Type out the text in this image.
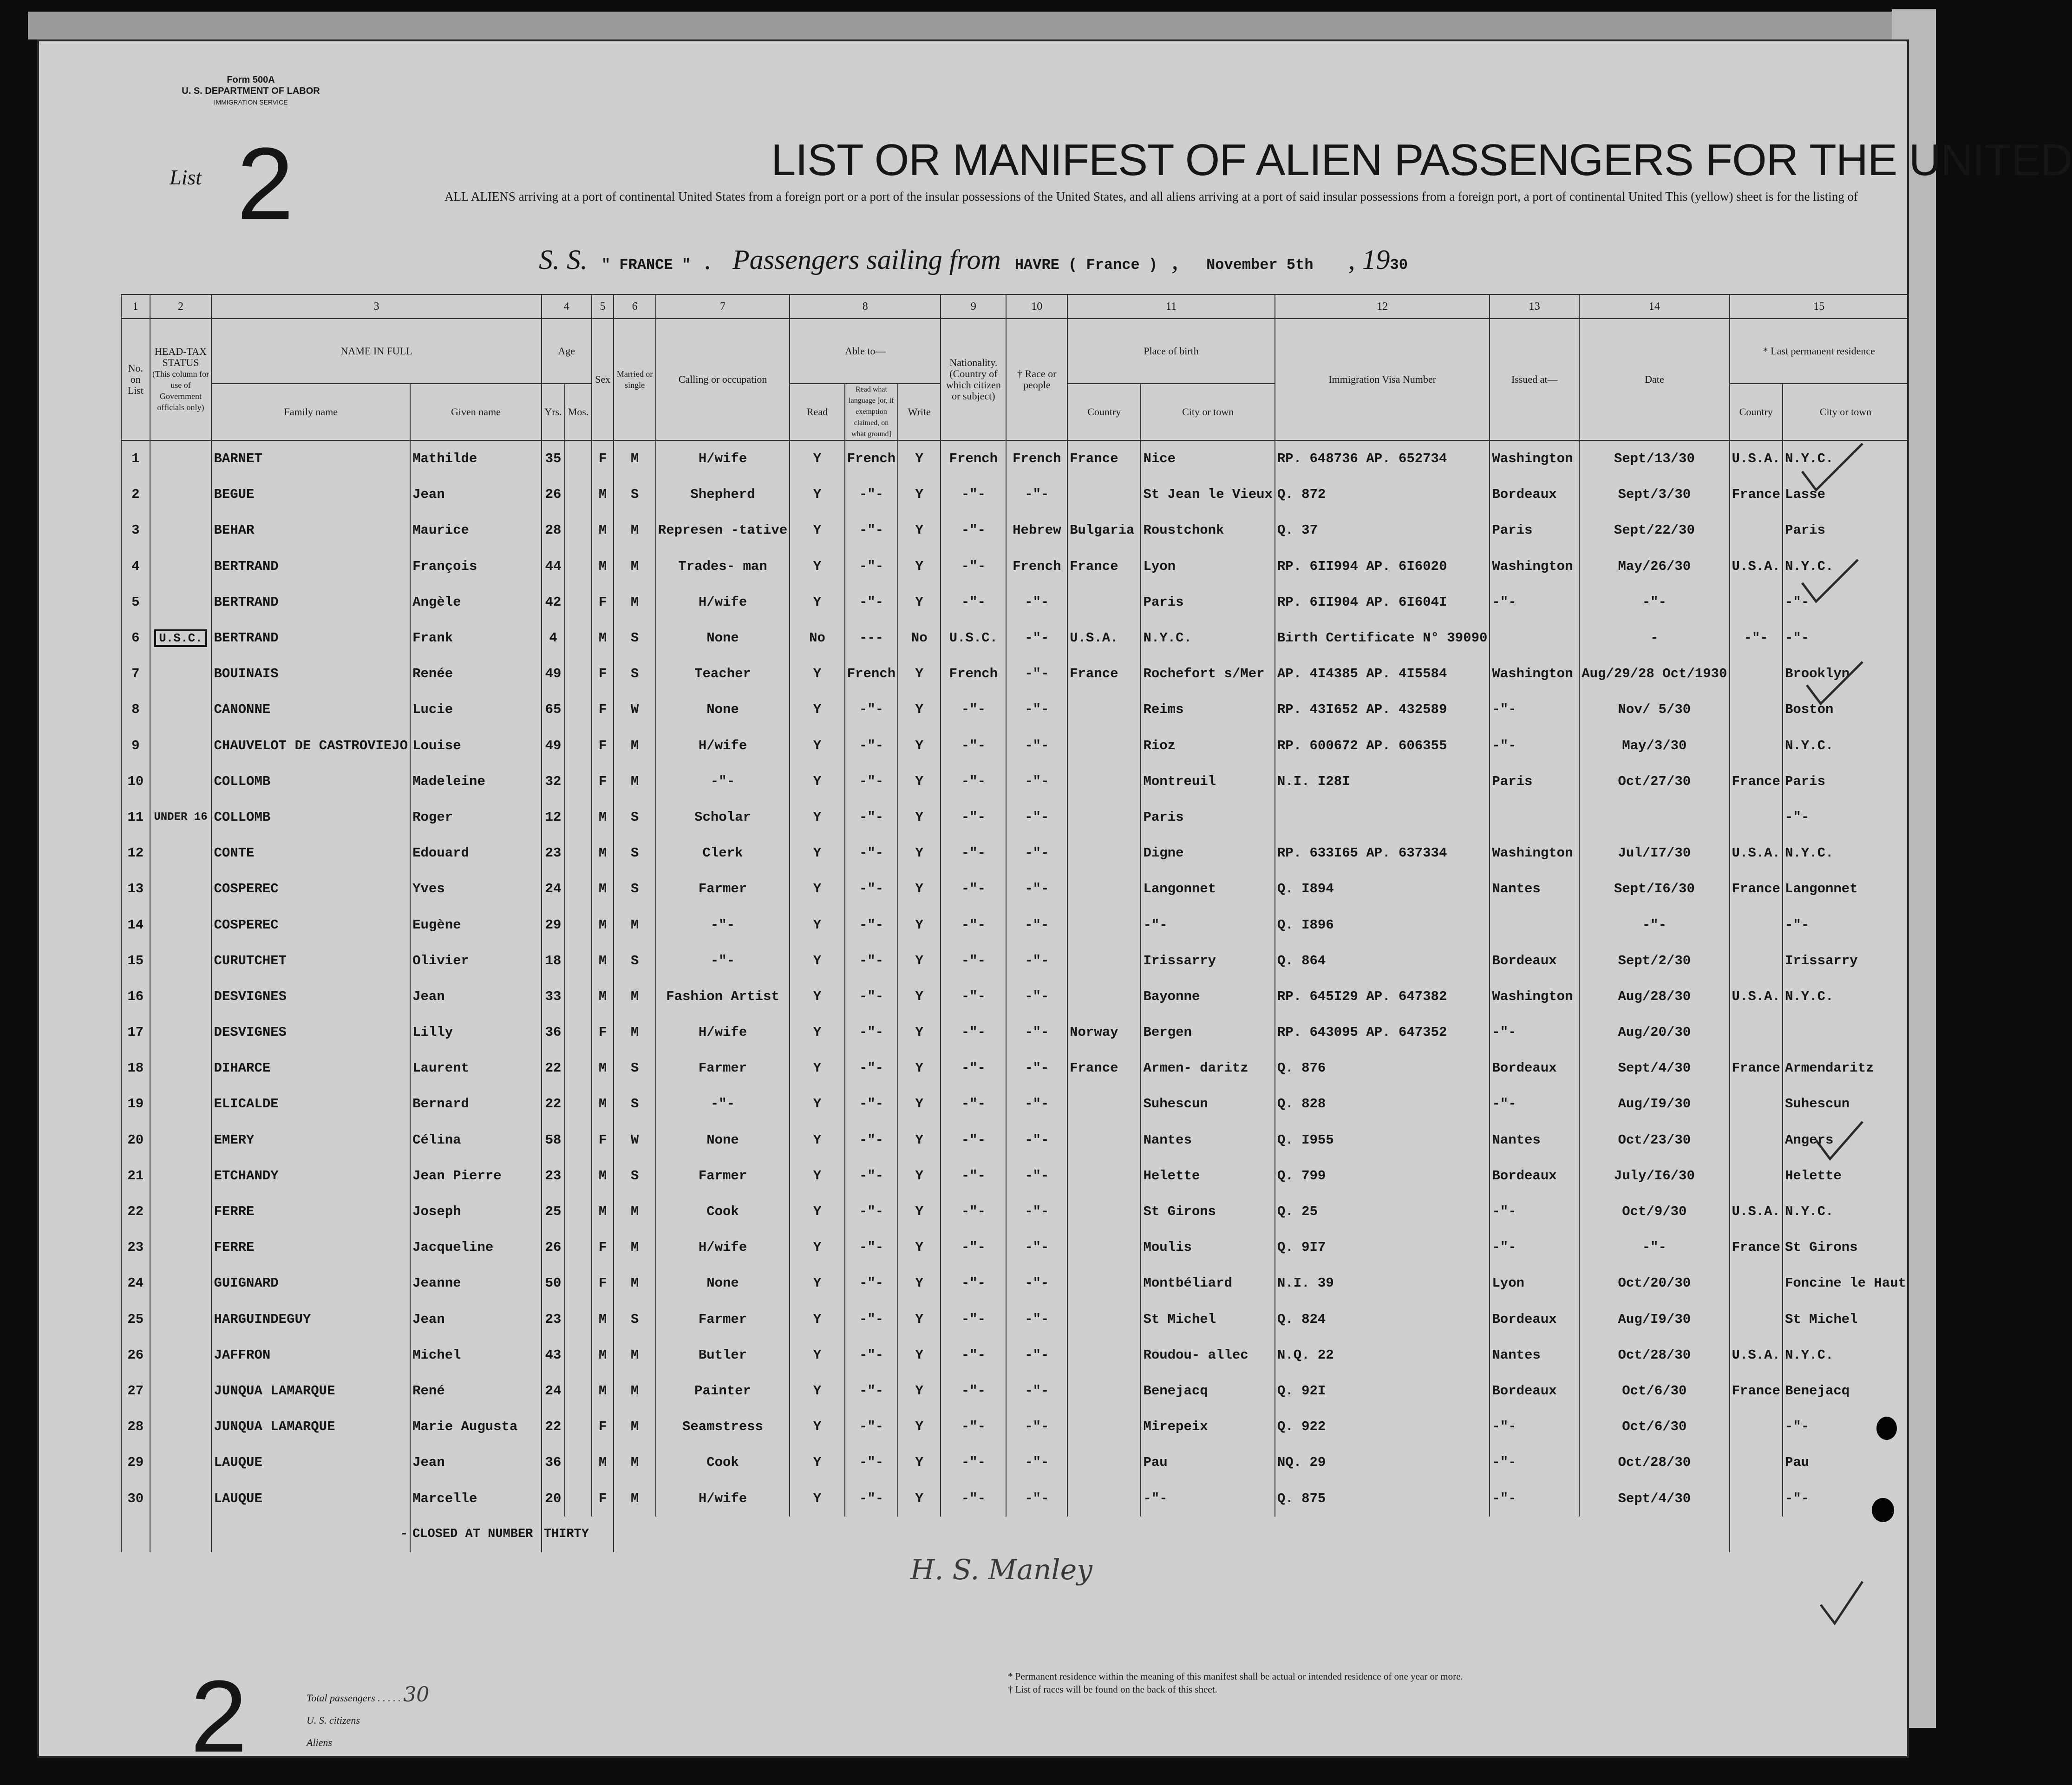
Form 500A
U. S. DEPARTMENT OF LABOR
IMMIGRATION SERVICE
List 2	LIST OR MANIFEST OF ALIEN PASSENGERS FOR THE UNITED
ALL ALIENS arriving at a port of continental United States from a foreign port or a port of the insular possessions of the United States, and all aliens arriving at a port of said insular possessions from a foreign port, a port of continental United This (yellow) sheet is for the listing of
S. S. " FRANCE "  .   Passengers sailing from HAVRE ( France )  ,    November 5th     , 1930
1	2	3		4		5	6	7	8			9	10	11		12	13	14	15	
No. on List	HEAD-TAX STATUS
(This column for use of Government officials only)	NAME IN FULL		Age		Sex	Married or single	Calling or occupation	Able to—			Nationality. (Country of which citizen or subject)	† Race or people	Place of birth		Immigration Visa Number	Issued at—	Date	* Last permanent residence	
		Family name	Given name	Yrs.	Mos.				Read	Read what language [or, if exemption claimed, on what ground]	Write			Country	City or town				Country	City or town
1		BARNET	Mathilde	35		F	M	H/wife	Y	French	Y	French	French	France	Nice	RP. 648736 AP. 652734	Washington	Sept/13/30	U.S.A.	N.Y.C.
2		BEGUE	Jean	26		M	S	Shepherd	Y	-"-	Y	-"-	-"-		St Jean le Vieux	Q. 872	Bordeaux	Sept/3/30	France	Lasse
3		BEHAR	Maurice	28		M	M	Represen -tative	Y	-"-	Y	-"-	Hebrew	Bulgaria	Roustchonk	Q. 37	Paris	Sept/22/30		Paris
4		BERTRAND	François	44		M	M	Trades- man	Y	-"-	Y	-"-	French	France	Lyon	RP. 6II994 AP. 6I6020	Washington	May/26/30	U.S.A.	N.Y.C.
5		BERTRAND	Angèle	42		F	M	H/wife	Y	-"-	Y	-"-	-"-		Paris	RP. 6II904 AP. 6I604I	-"-	-"-		-"-
6	U.S.C.	BERTRAND	Frank	4		M	S	None	No	---	No	U.S.C.	-"-	U.S.A.	N.Y.C.	Birth Certificate N° 39090		-	-"-	-"-
7		BOUINAIS	Renée	49		F	S	Teacher	Y	French	Y	French	-"-	France	Rochefort s/Mer	AP. 4I4385 AP. 4I5584	Washington	Aug/29/28 Oct/1930		Brooklyn
8		CANONNE	Lucie	65		F	W	None	Y	-"-	Y	-"-	-"-		Reims	RP. 43I652 AP. 432589	-"-	Nov/ 5/30		Boston
9		CHAUVELOT DE CASTROVIEJO	Louise	49		F	M	H/wife	Y	-"-	Y	-"-	-"-		Rioz	RP. 600672 AP. 606355	-"-	May/3/30		N.Y.C.
10		COLLOMB	Madeleine	32		F	M	-"-	Y	-"-	Y	-"-	-"-		Montreuil	N.I. I28I	Paris	Oct/27/30	France	Paris
11	UNDER 16	COLLOMB	Roger	12		M	S	Scholar	Y	-"-	Y	-"-	-"-		Paris					-"-
12		CONTE	Edouard	23		M	S	Clerk	Y	-"-	Y	-"-	-"-		Digne	RP. 633I65 AP. 637334	Washington	Jul/I7/30	U.S.A.	N.Y.C.
13		COSPEREC	Yves	24		M	S	Farmer	Y	-"-	Y	-"-	-"-		Langonnet	Q. I894	Nantes	Sept/I6/30	France	Langonnet
14		COSPEREC	Eugène	29		M	M	-"-	Y	-"-	Y	-"-	-"-		-"-	Q. I896		-"-		-"-
15		CURUTCHET	Olivier	18		M	S	-"-	Y	-"-	Y	-"-	-"-		Irissarry	Q. 864	Bordeaux	Sept/2/30		Irissarry
16		DESVIGNES	Jean	33		M	M	Fashion Artist	Y	-"-	Y	-"-	-"-		Bayonne	RP. 645I29 AP. 647382	Washington	Aug/28/30	U.S.A.	N.Y.C.
17		DESVIGNES	Lilly	36		F	M	H/wife	Y	-"-	Y	-"-	-"-	Norway	Bergen	RP. 643095 AP. 647352	-"-	Aug/20/30		
18		DIHARCE	Laurent	22		M	S	Farmer	Y	-"-	Y	-"-	-"-	France	Armen- daritz	Q. 876	Bordeaux	Sept/4/30	France	Armendaritz
19		ELICALDE	Bernard	22		M	S	-"-	Y	-"-	Y	-"-	-"-		Suhescun	Q. 828	-"-	Aug/I9/30		Suhescun
20		EMERY	Célina	58		F	W	None	Y	-"-	Y	-"-	-"-		Nantes	Q. I955	Nantes	Oct/23/30		Angers
21		ETCHANDY	Jean Pierre	23		M	S	Farmer	Y	-"-	Y	-"-	-"-		Helette	Q. 799	Bordeaux	July/I6/30		Helette
22		FERRE	Joseph	25		M	M	Cook	Y	-"-	Y	-"-	-"-		St Girons	Q. 25	-"-	Oct/9/30	U.S.A.	N.Y.C.
23		FERRE	Jacqueline	26		F	M	H/wife	Y	-"-	Y	-"-	-"-		Moulis	Q. 9I7	-"-	-"-	France	St Girons
24		GUIGNARD	Jeanne	50		F	M	None	Y	-"-	Y	-"-	-"-		Montbéliard	N.I. 39	Lyon	Oct/20/30		Foncine le Haut
25		HARGUINDEGUY	Jean	23		M	S	Farmer	Y	-"-	Y	-"-	-"-		St Michel	Q. 824	Bordeaux	Aug/I9/30		St Michel
26		JAFFRON	Michel	43		M	M	Butler	Y	-"-	Y	-"-	-"-		Roudou- allec	N.Q. 22	Nantes	Oct/28/30	U.S.A.	N.Y.C.
27		JUNQUA LAMARQUE	René	24		M	M	Painter	Y	-"-	Y	-"-	-"-		Benejacq	Q. 92I	Bordeaux	Oct/6/30	France	Benejacq
28		JUNQUA LAMARQUE	Marie Augusta	22		F	M	Seamstress	Y	-"-	Y	-"-	-"-		Mirepeix	Q. 922	-"-	Oct/6/30		-"-
29		LAUQUE	Jean	36		M	M	Cook	Y	-"-	Y	-"-	-"-		Pau	NQ. 29	-"-	Oct/28/30		Pau
30		LAUQUE	Marcelle	20		F	M	H/wife	Y	-"-	Y	-"-	-"-		-"-	Q. 875	-"-	Sept/4/30		-"-
		-	CLOSED AT NUMBER	THIRTY																
2	Total passengers . . . . . 30
U. S. citizens
Aliens
* Permanent residence within the meaning of this manifest shall be actual or intended residence of one year or more.
† List of races will be found on the back of this sheet.
H. S. Manley
